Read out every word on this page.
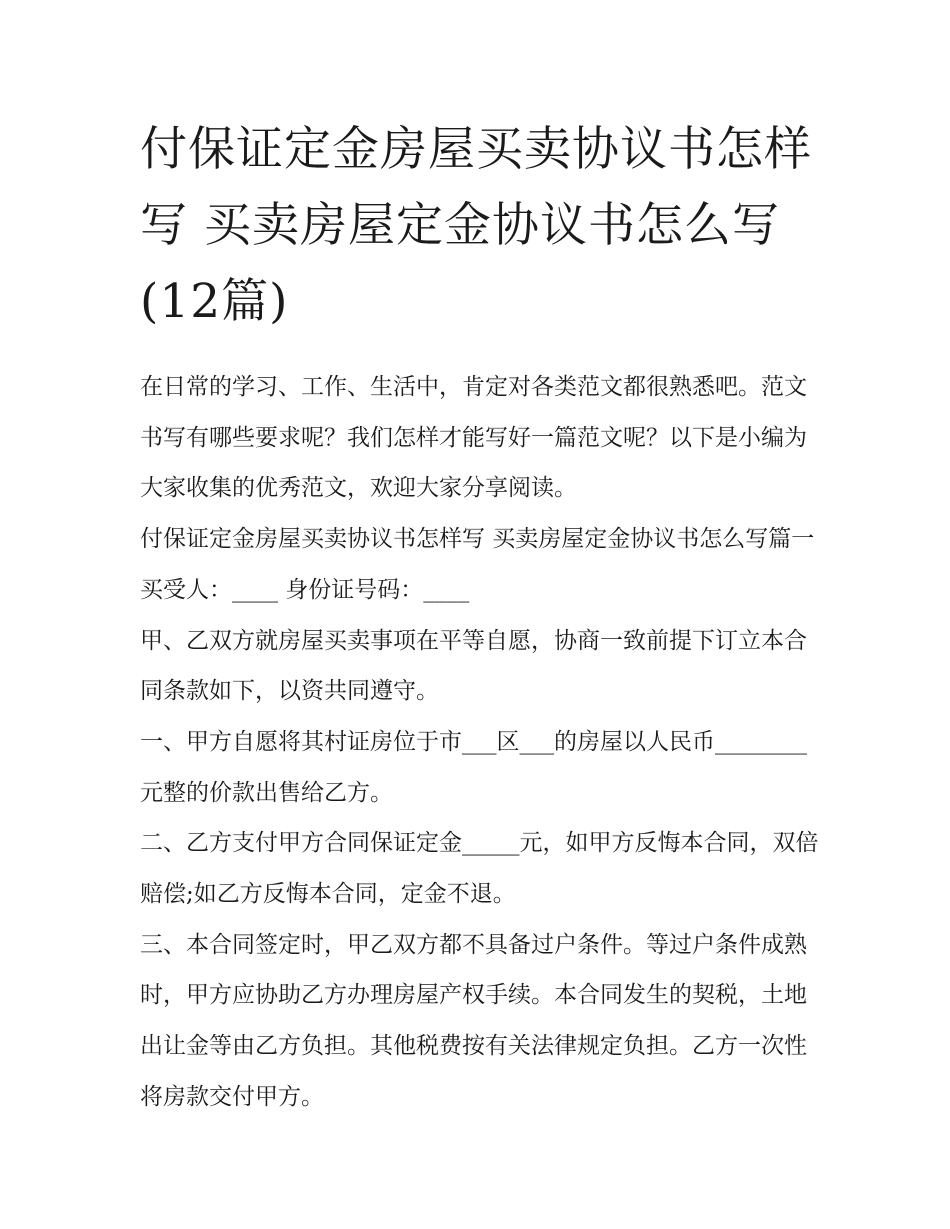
付保证定金房屋买卖协议书怎样写 买卖房屋定金协议书怎么写(12篇)

在日常的学习、工作、生活中，肯定对各类范文都很熟悉吧。范文书写有哪些要求呢？我们怎样才能写好一篇范文呢？以下是小编为大家收集的优秀范文，欢迎大家分享阅读。

付保证定金房屋买卖协议书怎样写 买卖房屋定金协议书怎么写篇一 买受人：____ 身份证号码：____

甲、乙双方就房屋买卖事项在平等自愿，协商一致前提下订立本合同条款如下，以资共同遵守。

一、甲方自愿将其村证房位于市___区___的房屋以人民币________元整的价款出售给乙方。

二、乙方支付甲方合同保证定金_____元，如甲方反悔本合同，双倍赔偿;如乙方反悔本合同，定金不退。

三、本合同签定时，甲乙双方都不具备过户条件。等过户条件成熟时，甲方应协助乙方办理房屋产权手续。本合同发生的契税，土地出让金等由乙方负担。其他税费按有关法律规定负担。乙方一次性将房款交付甲方。
